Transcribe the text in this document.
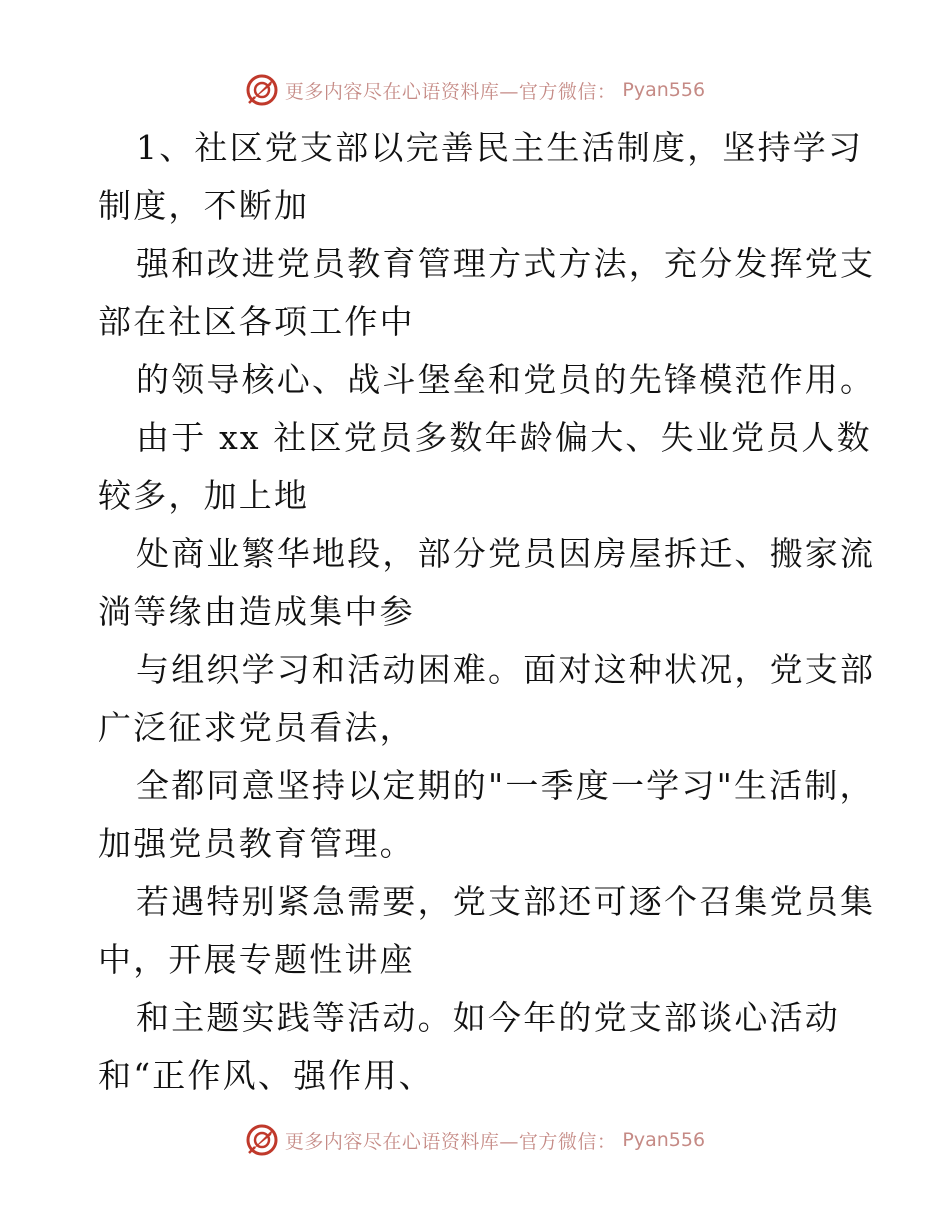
更多内容尽在心语资料库—官方微信： Pyan556
1、社区党支部以完善民主生活制度，坚持学习
制度，不断加
强和改进党员教育管理方式方法，充分发挥党支
部在社区各项工作中
的领导核心、战斗堡垒和党员的先锋模范作用。
由于 xx 社区党员多数年龄偏大、失业党员人数
较多，加上地
处商业繁华地段，部分党员因房屋拆迁、搬家流
淌等缘由造成集中参
与组织学习和活动困难。面对这种状况，党支部
广泛征求党员看法，
全都同意坚持以定期的"一季度一学习"生活制，
加强党员教育管理。
若遇特别紧急需要，党支部还可逐个召集党员集
中，开展专题性讲座
和主题实践等活动。如今年的党支部谈心活动
和“正作风、强作用、
更多内容尽在心语资料库—官方微信： Pyan556
